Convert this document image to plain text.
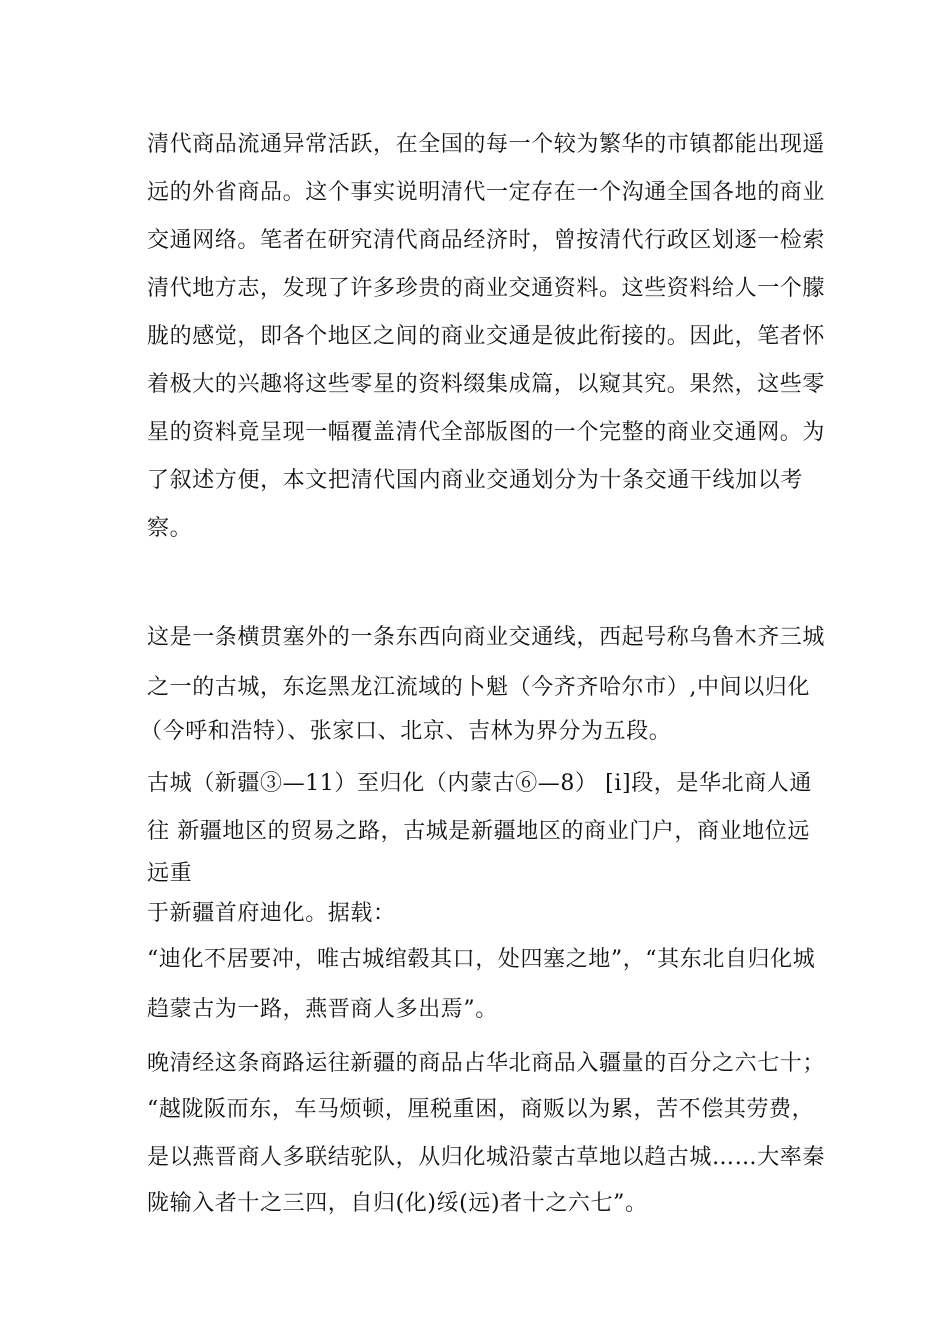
清代商品流通异常活跃，在全国的每一个较为繁华的市镇都能出现遥
远的外省商品。这个事实说明清代一定存在一个沟通全国各地的商业
交通网络。笔者在研究清代商品经济时，曾按清代行政区划逐一检索
清代地方志，发现了许多珍贵的商业交通资料。这些资料给人一个朦
胧的感觉，即各个地区之间的商业交通是彼此衔接的。因此，笔者怀
着极大的兴趣将这些零星的资料缀集成篇，以窥其究。果然，这些零
星的资料竟呈现一幅覆盖清代全部版图的一个完整的商业交通网。为
了叙述方便，本文把清代国内商业交通划分为十条交通干线加以考
察。
这是一条横贯塞外的一条东西向商业交通线，西起号称乌鲁木齐三城
之一的古城，东迄黑龙江流域的卜魁（今齐齐哈尔市）,中间以归化
（今呼和浩特）、张家口、北京、吉林为界分为五段。
古城（新疆③—11）至归化（内蒙古⑥—8） [i]段，是华北商人通
往 新疆地区的贸易之路，古城是新疆地区的商业门户，商业地位远
远重
于新疆首府迪化。据载：
“迪化不居要冲，唯古城绾毂其口，处四塞之地”，“其东北自归化城
趋蒙古为一路，燕晋商人多出焉”。
晚清经这条商路运往新疆的商品占华北商品入疆量的百分之六七十；
“越陇阪而东，车马烦顿，厘税重困，商贩以为累，苦不偿其劳费，
是以燕晋商人多联结驼队，从归化城沿蒙古草地以趋古城……大率秦
陇输入者十之三四，自归(化)绥(远)者十之六七”。
